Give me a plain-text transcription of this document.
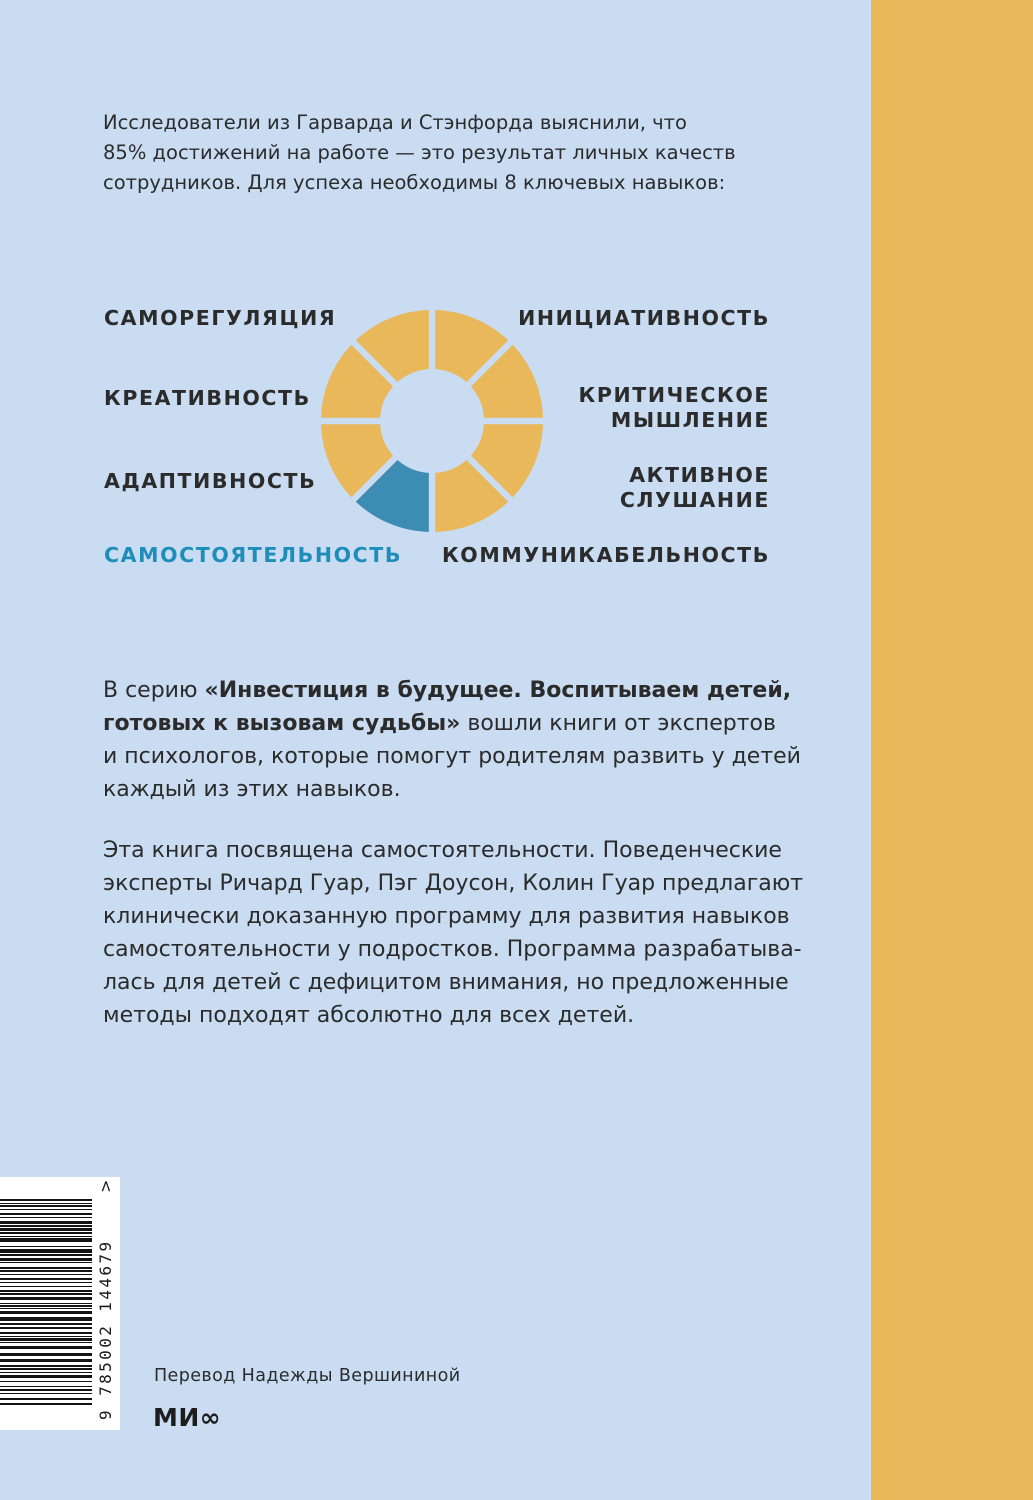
Исследователи из Гарварда и Стэнфорда выяснили, что
85% достижений на работе — это результат личных качеств
сотрудников. Для успеха необходимы 8 ключевых навыков:
САМОРЕГУЛЯЦИЯ
КРЕАТИВНОСТЬ
АДАПТИВНОСТЬ
САМОСТОЯТЕЛЬНОСТЬ
ИНИЦИАТИВНОСТЬ
КРИТИЧЕСКОЕ
МЫШЛЕНИЕ
АКТИВНОЕ
СЛУШАНИЕ
КОММУНИКАБЕЛЬНОСТЬ
В серию «Инвестиция в будущее. Воспитываем детей,
готовых к вызовам судьбы» вошли книги от экспертов
и психологов, которые помогут родителям развить у детей
каждый из этих навыков.
Эта книга посвящена самостоятельности. Поведенческие
эксперты Ричард Гуар, Пэг Доусон, Колин Гуар предлагают
клинически доказанную программу для развития навыков
самостоятельности у подростков. Программа разрабатыва-
лась для детей с дефицитом внимания, но предложенные
методы подходят абсолютно для всех детей.
9 785002 144679
>
Перевод Надежды Вершининой
МИ∞
